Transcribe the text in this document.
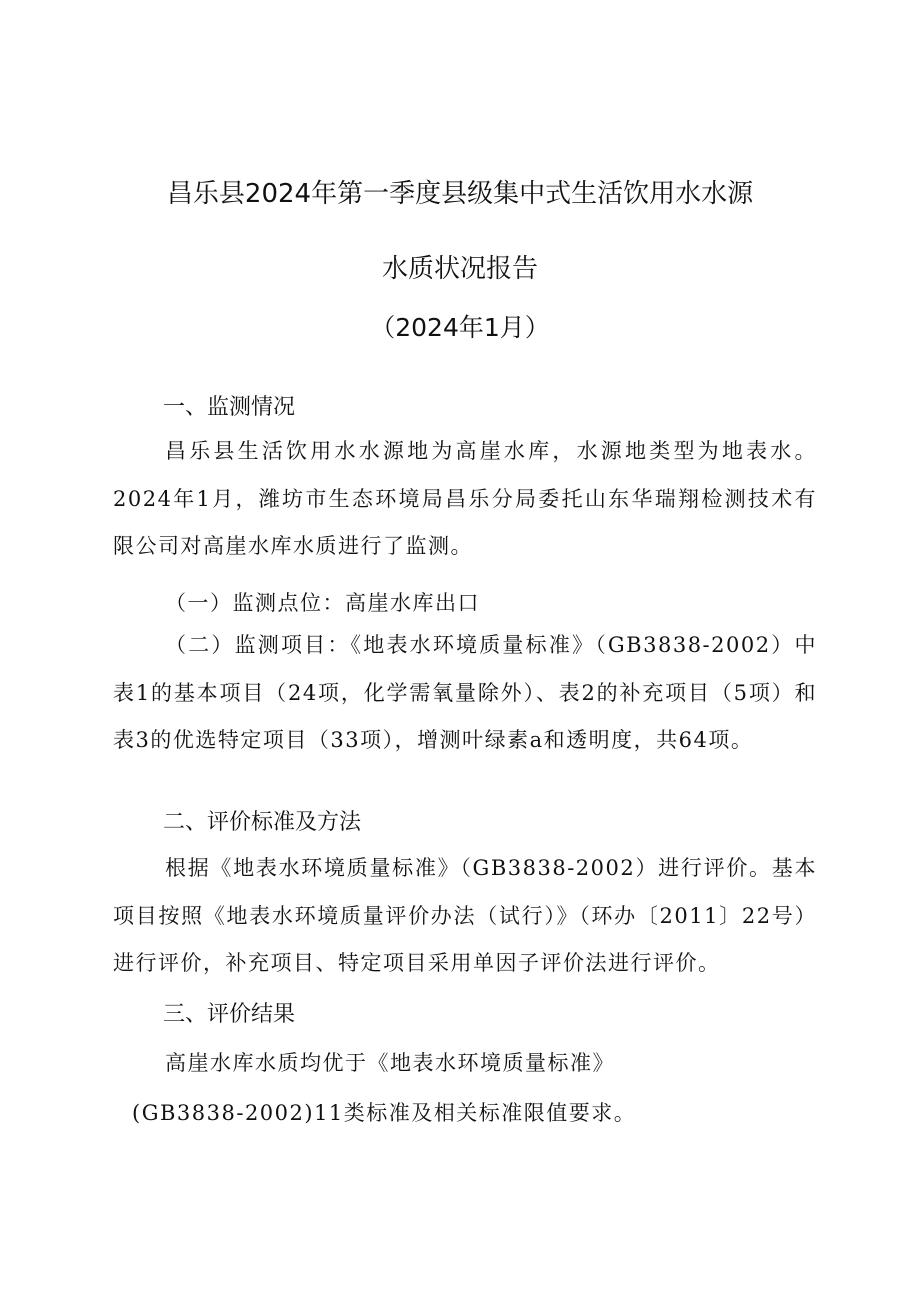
昌乐县2024年第一季度县级集中式生活饮用水水源
水质状况报告
（2024年1月）
一、监测情况

昌乐县生活饮用水水源地为高崖水库，水源地类型为地表水。2024年1月，潍坊市生态环境局昌乐分局委托山东华瑞翔检测技术有限公司对高崖水库水质进行了监测。

（一）监测点位：高崖水库出口

（二）监测项目：《地表水环境质量标准》（GB3838-2002）中表1的基本项目（24项，化学需氧量除外）、表2的补充项目（5项）和表3的优选特定项目（33项），增测叶绿素a和透明度，共64项。

二、评价标准及方法

根据《地表水环境质量标准》（GB3838-2002）进行评价。基本项目按照《地表水环境质量评价办法（试行）》（环办〔2011〕22号）进行评价，补充项目、特定项目采用单因子评价法进行评价。

三、评价结果

高崖水库水质均优于《地表水环境质量标准》

(GB3838-2002)11类标准及相关标准限值要求。
